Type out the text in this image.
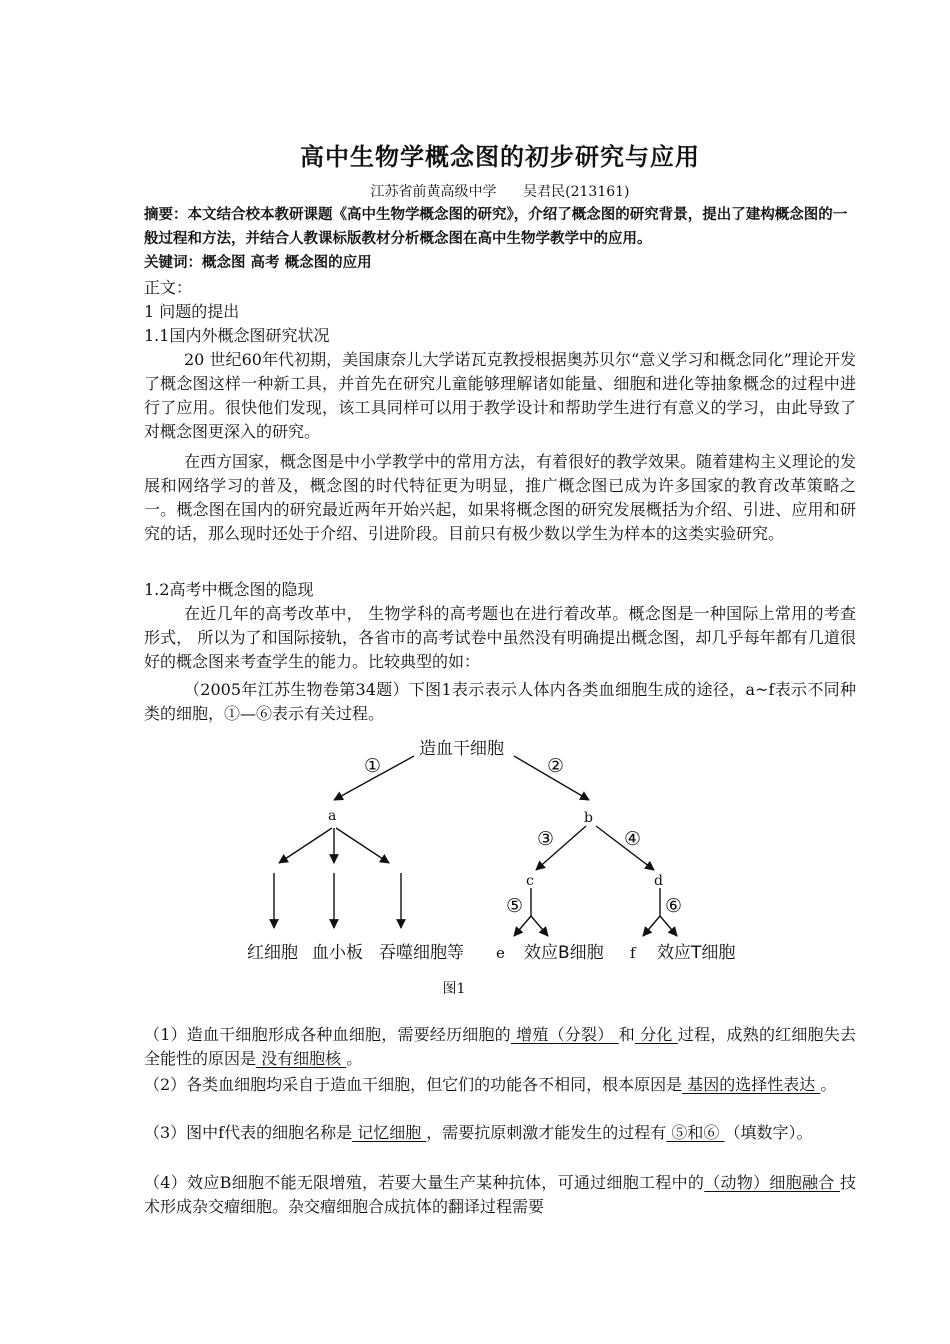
高中生物学概念图的初步研究与应用
江苏省前黄高级中学      吴君民(213161)
摘要：本文结合校本教研课题《高中生物学概念图的研究》，介绍了概念图的研究背景，提出了建构概念图的一般过程和方法，并结合人教课标版教材分析概念图在高中生物学教学中的应用。
关键词：概念图 高考 概念图的应用
正文：
1 问题的提出
1.1国内外概念图研究状况
20 世纪60年代初期，美国康奈儿大学诺瓦克教授根据奥苏贝尔“意义学习和概念同化”理论开发了概念图这样一种新工具，并首先在研究儿童能够理解诸如能量、细胞和进化等抽象概念的过程中进行了应用。很快他们发现，该工具同样可以用于教学设计和帮助学生进行有意义的学习，由此导致了对概念图更深入的研究。
在西方国家，概念图是中小学教学中的常用方法，有着很好的教学效果。随着建构主义理论的发展和网络学习的普及，概念图的时代特征更为明显，推广概念图已成为许多国家的教育改革策略之一。概念图在国内的研究最近两年开始兴起，如果将概念图的研究发展概括为介绍、引进、应用和研究的话，那么现时还处于介绍、引进阶段。目前只有极少数以学生为样本的这类实验研究。
1.2高考中概念图的隐现
在近几年的高考改革中， 生物学科的高考题也在进行着改革。概念图是一种国际上常用的考查形式， 所以为了和国际接轨，各省市的高考试卷中虽然没有明确提出概念图，却几乎每年都有几道很好的概念图来考查学生的能力。比较典型的如：
（2005年江苏生物卷第34题）下图1表示表示人体内各类血细胞生成的途径，a~f表示不同种类的细胞，①—⑥表示有关过程。
造血干细胞
①	②
③	④
⑤	⑥
红细胞 血小板 吞噬细胞等	效应B细胞	效应T细胞
a	b
c	d
e	f
图1
（1）造血干细胞形成各种血细胞，需要经历细胞的 增殖（分裂） 和 分化 过程，成熟的红细胞失去全能性的原因是 没有细胞核 。
（2）各类血细胞均采自于造血干细胞，但它们的功能各不相同，根本原因是 基因的选择性表达 。
（3）图中f代表的细胞名称是 记忆细胞 ，需要抗原刺激才能发生的过程有 ⑤和⑥ （填数字）。
（4）效应B细胞不能无限增殖，若要大量生产某种抗体，可通过细胞工程中的（动物）细胞融合 技术形成杂交瘤细胞。杂交瘤细胞合成抗体的翻译过程需要
